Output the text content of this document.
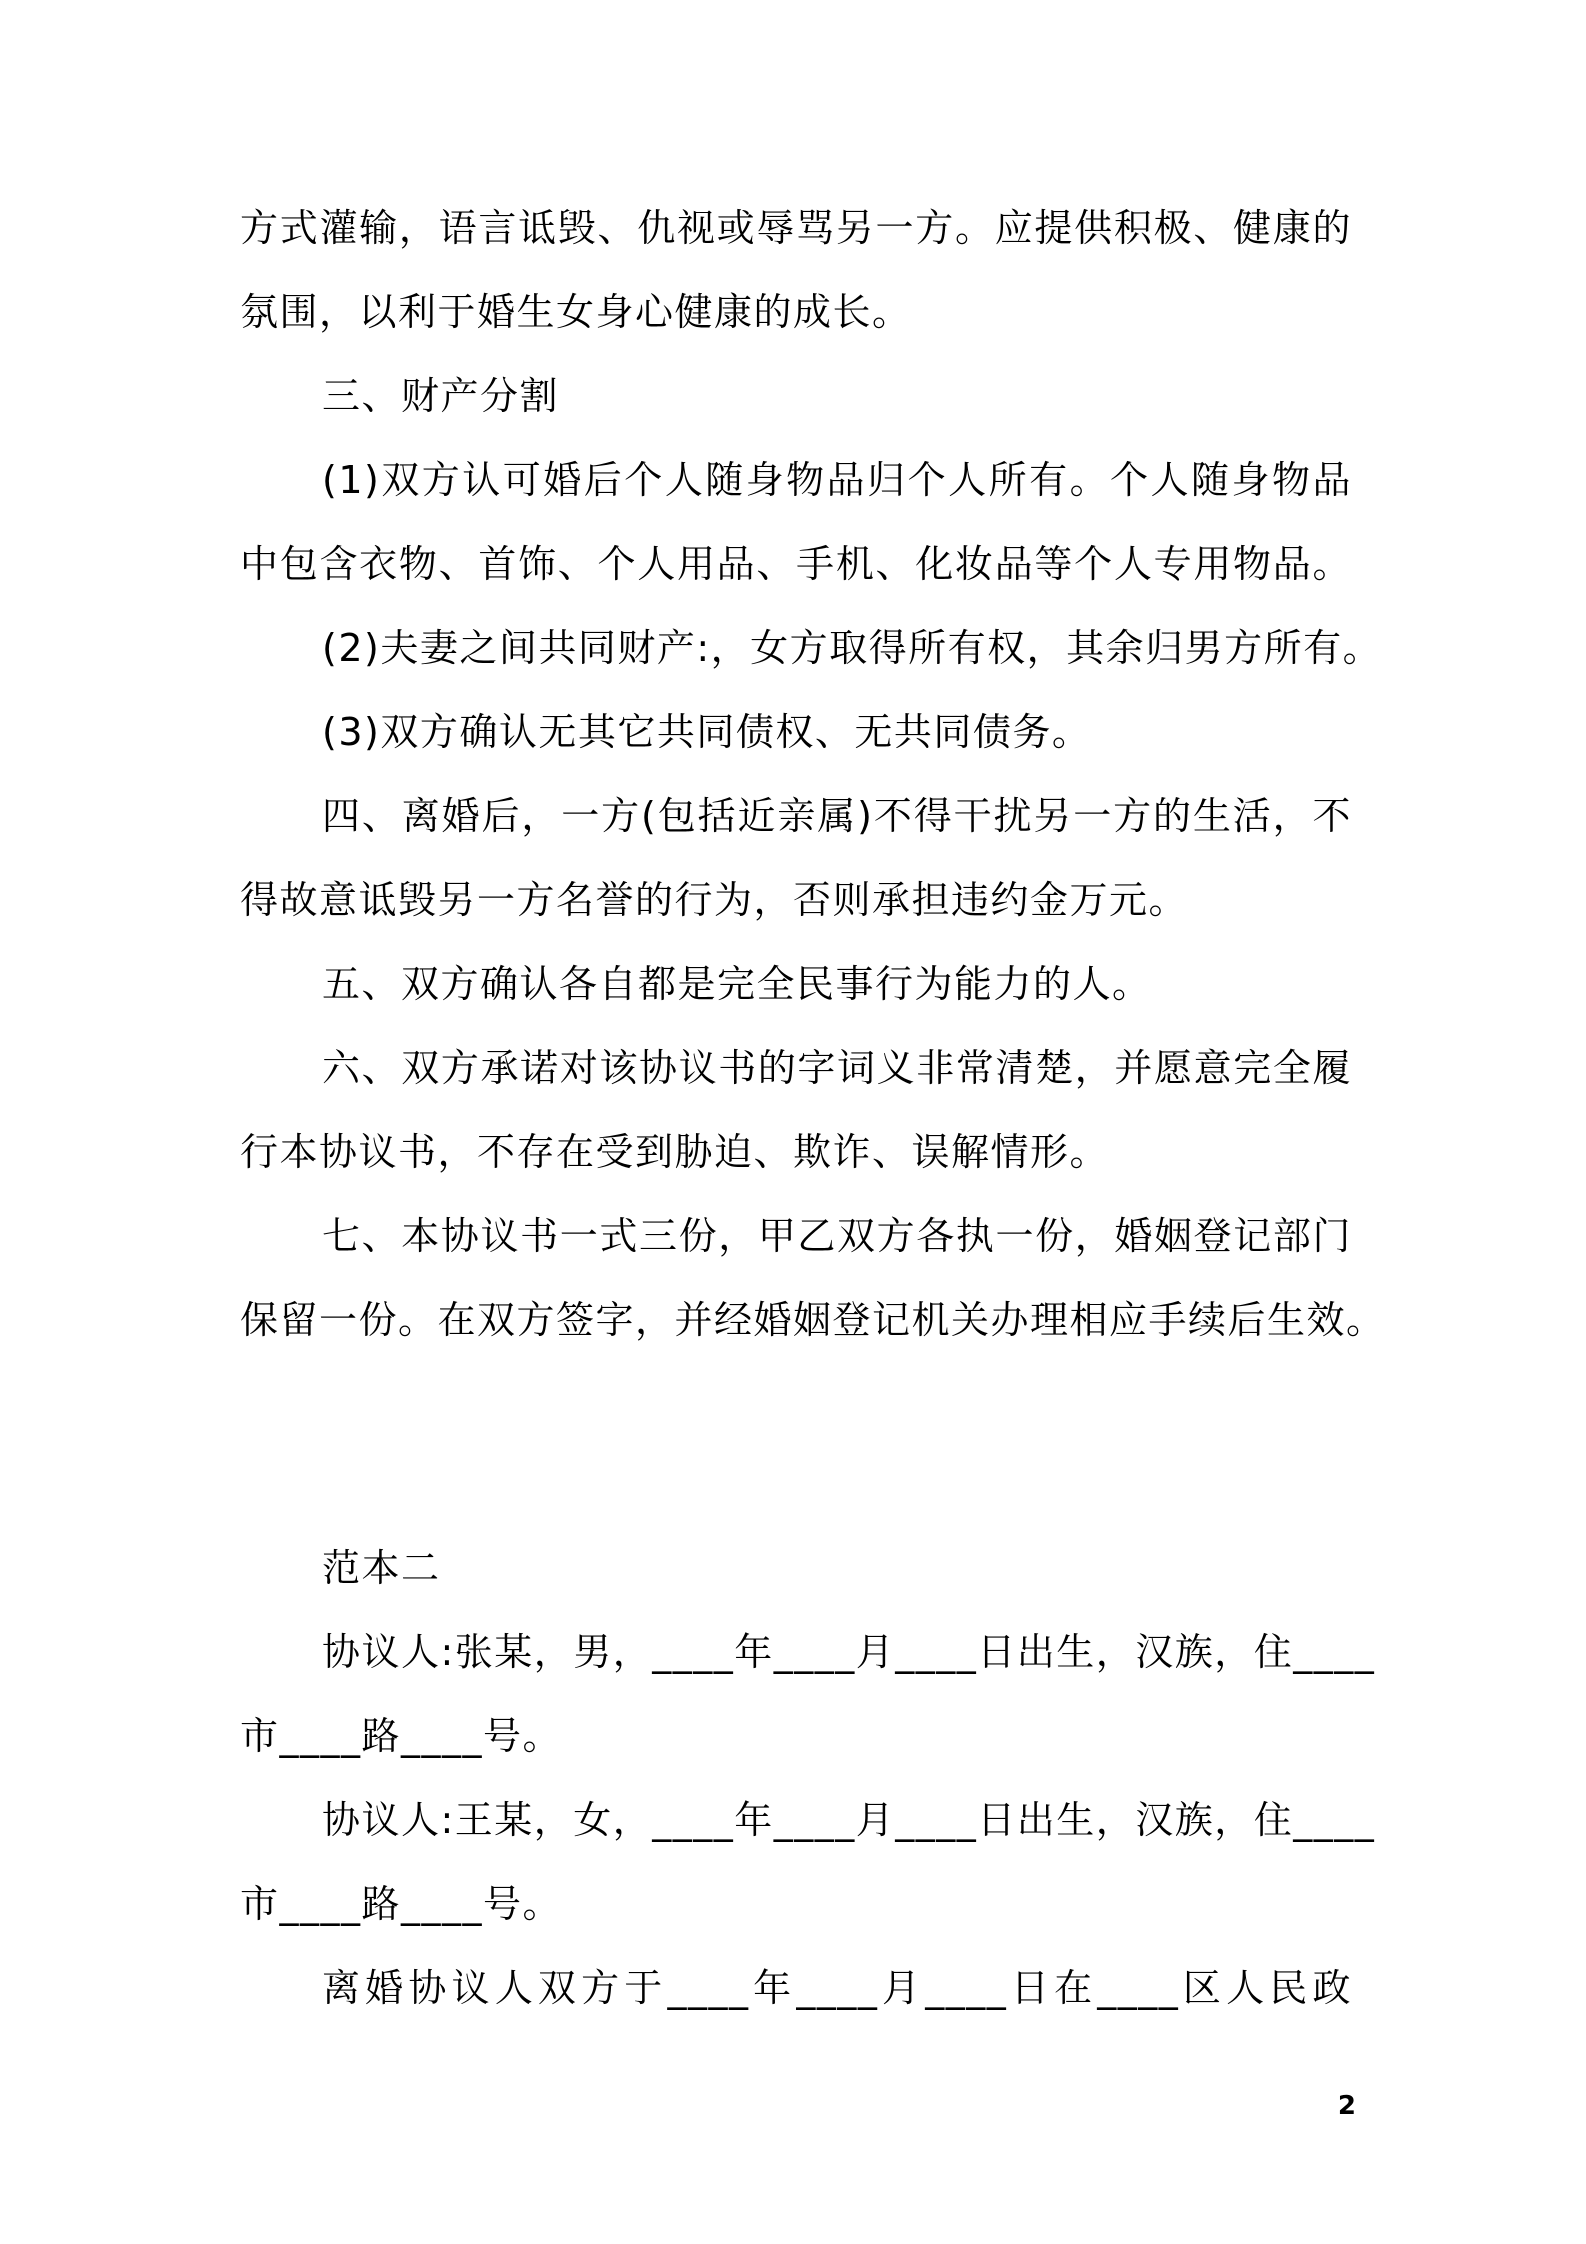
方式灌输，语言诋毁、仇视或辱骂另一方。应提供积极、健康的
氛围，以利于婚生女身心健康的成长。
三、财产分割
(1)双方认可婚后个人随身物品归个人所有。个人随身物品
中包含衣物、首饰、个人用品、手机、化妆品等个人专用物品。
(2)夫妻之间共同财产:，女方取得所有权，其余归男方所有。
(3)双方确认无其它共同债权、无共同债务。
四、离婚后，一方(包括近亲属)不得干扰另一方的生活，不
得故意诋毁另一方名誉的行为，否则承担违约金万元。
五、双方确认各自都是完全民事行为能力的人。
六、双方承诺对该协议书的字词义非常清楚，并愿意完全履
行本协议书，不存在受到胁迫、欺诈、误解情形。
七、本协议书一式三份，甲乙双方各执一份，婚姻登记部门
保留一份。在双方签字，并经婚姻登记机关办理相应手续后生效。
范本二
协议人:张某，男，____年____月____日出生，汉族，住____
市____路____号。
协议人:王某，女，____年____月____日出生，汉族，住____
市____路____号。
离婚协议人双方于____年____月____日在____区人民政
2
